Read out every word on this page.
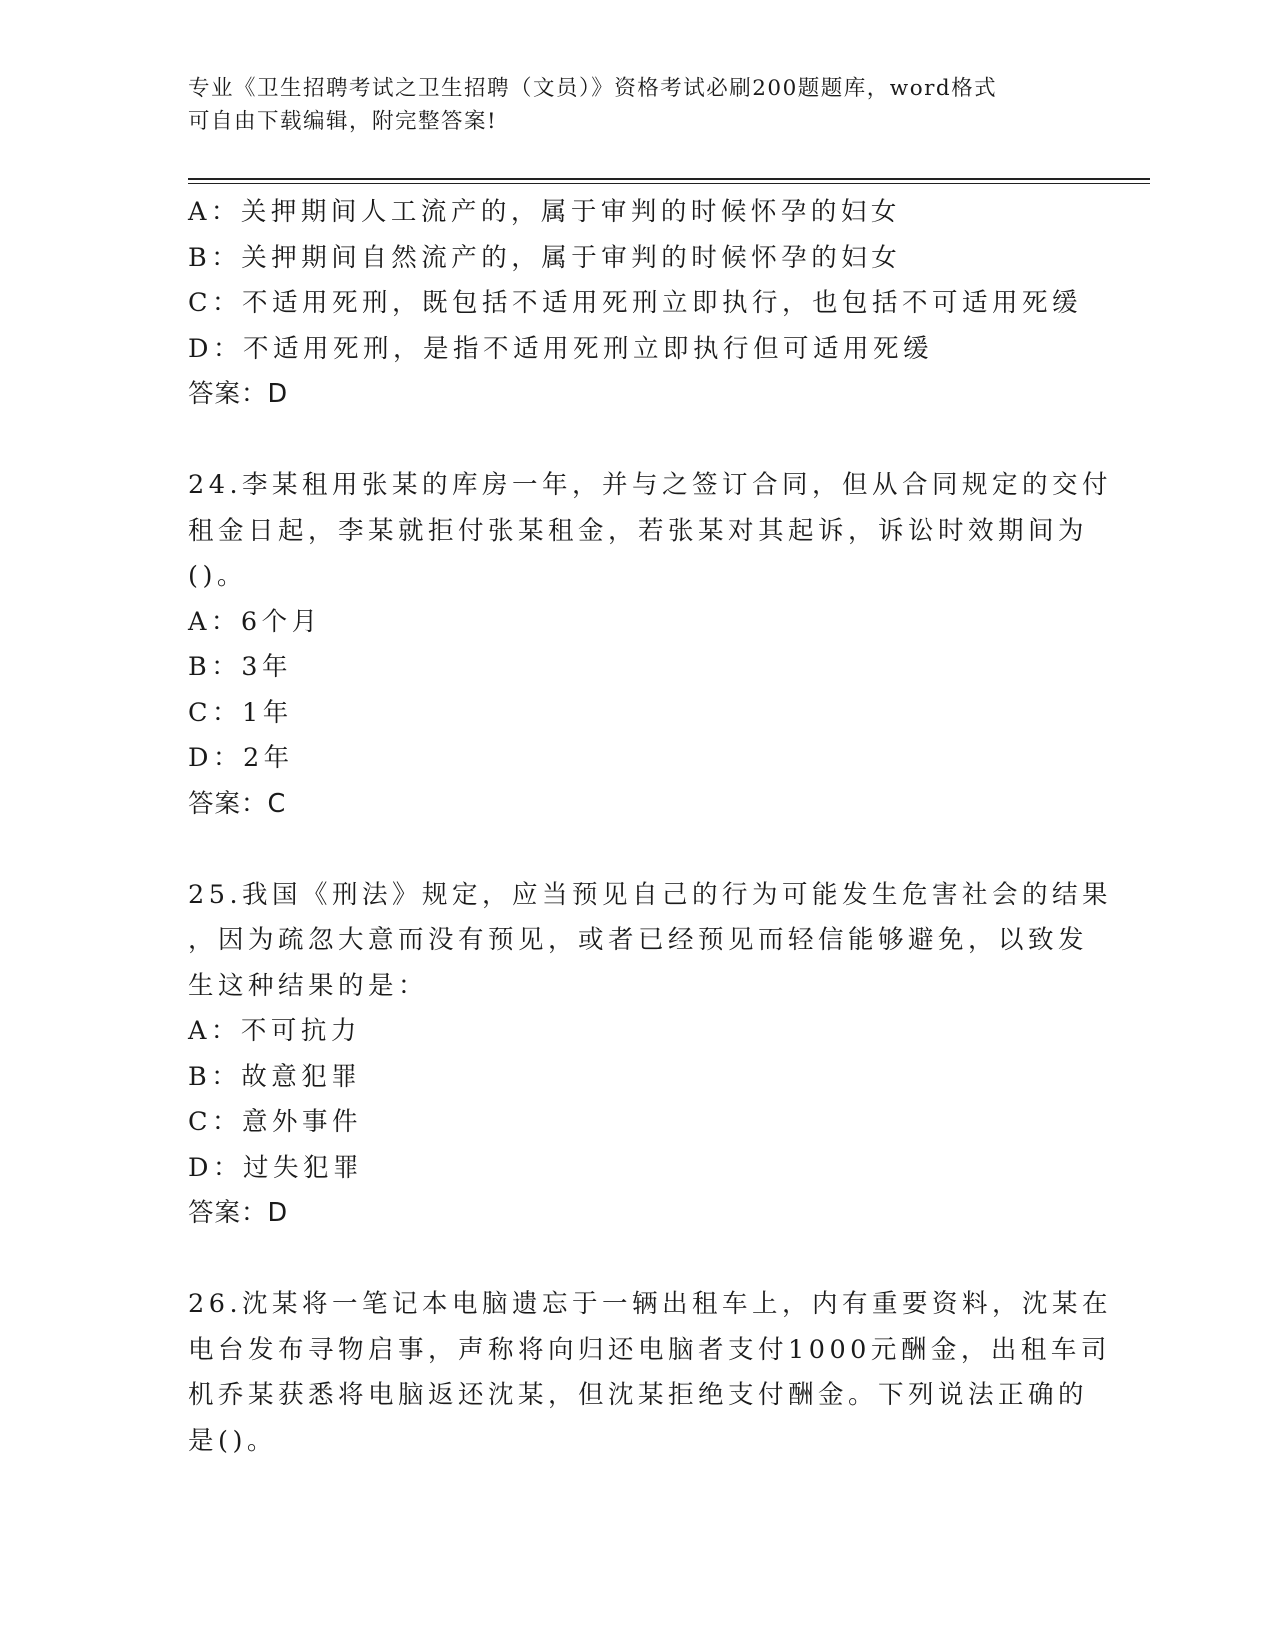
专业《卫生招聘考试之卫生招聘（文员）》资格考试必刷200题题库，word格式
可自由下载编辑，附完整答案!
A：关押期间人工流产的，属于审判的时候怀孕的妇女
B：关押期间自然流产的，属于审判的时候怀孕的妇女
C：不适用死刑，既包括不适用死刑立即执行，也包括不可适用死缓
D：不适用死刑，是指不适用死刑立即执行但可适用死缓
答案：D
24.李某租用张某的库房一年，并与之签订合同，但从合同规定的交付
租金日起，李某就拒付张某租金，若张某对其起诉，诉讼时效期间为
()。
A：6个月
B：3年
C：1年
D：2年
答案：C
25.我国《刑法》规定，应当预见自己的行为可能发生危害社会的结果
，因为疏忽大意而没有预见，或者已经预见而轻信能够避免，以致发
生这种结果的是：
A：不可抗力
B：故意犯罪
C：意外事件
D：过失犯罪
答案：D
26.沈某将一笔记本电脑遗忘于一辆出租车上，内有重要资料，沈某在
电台发布寻物启事，声称将向归还电脑者支付1000元酬金，出租车司
机乔某获悉将电脑返还沈某，但沈某拒绝支付酬金。下列说法正确的
是()。
